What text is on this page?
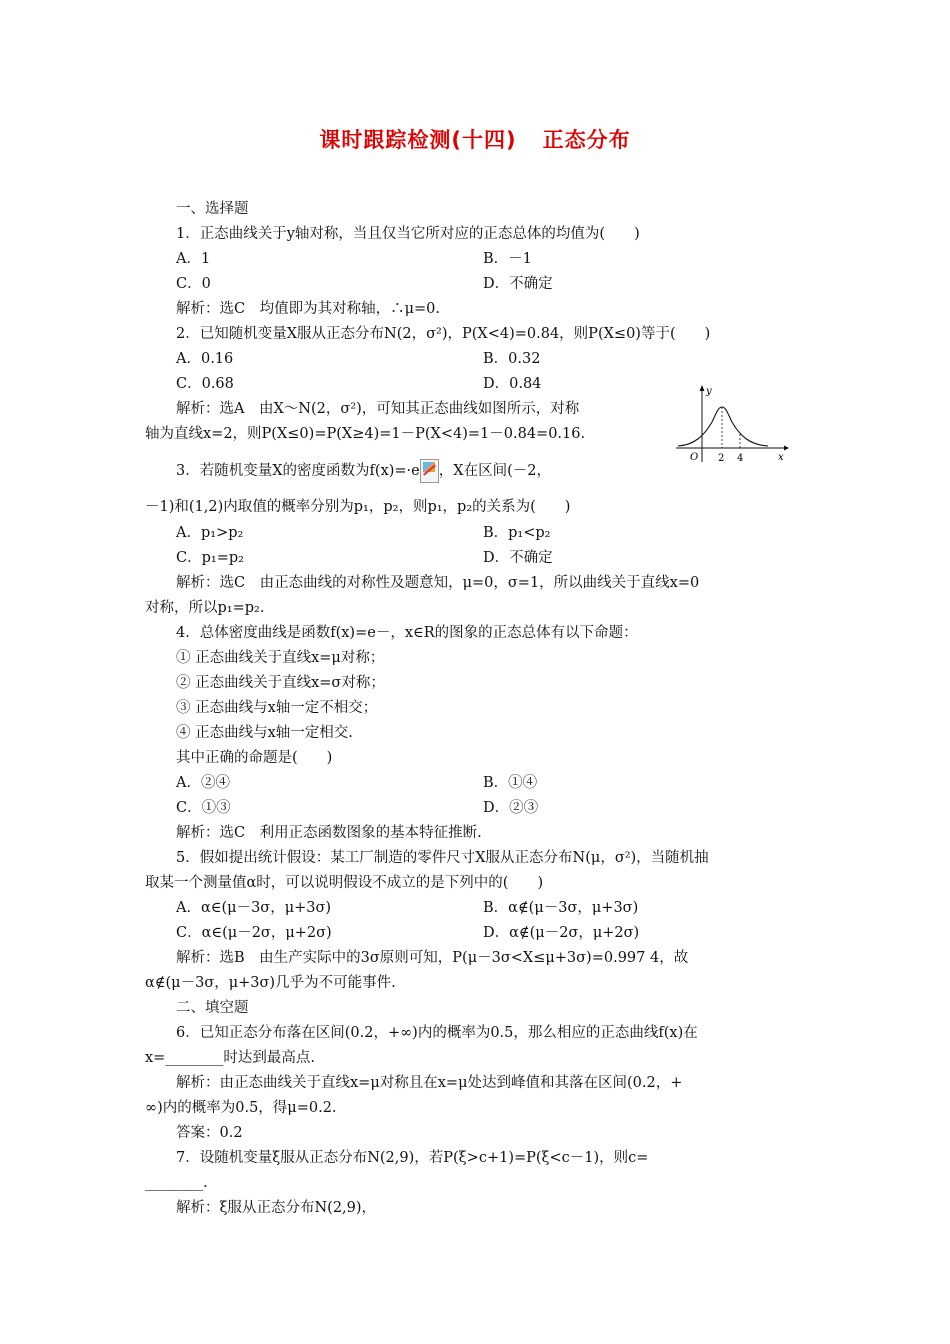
课时跟踪检测(十四) 正态分布
一、选择题
1．正态曲线关于y轴对称，当且仅当它所对应的正态总体的均值为(　　)
A．1	B．－1
C．0	D．不确定
解析：选C　均值即为其对称轴，∴μ=0.
2．已知随机变量X服从正态分布N(2，σ²)，P(X<4)=0.84，则P(X≤0)等于(　　)
A．0.16	B．0.32
C．0.68	D．0.84
解析：选A　由X～N(2，σ²)，可知其正态曲线如图所示，对称
轴为直线x=2，则P(X≤0)=P(X≥4)=1－P(X<4)=1－0.84=0.16.
y
x
O 2 4
3．若随机变量X的密度函数为f(x)=·e ，X在区间(－2，
－1)和(1,2)内取值的概率分别为p₁，p₂，则p₁，p₂的关系为(　　)
A．p₁>p₂	B．p₁<p₂
C．p₁=p₂	D．不确定
解析：选C　由正态曲线的对称性及题意知，μ=0，σ=1，所以曲线关于直线x=0
对称，所以p₁=p₂.
4．总体密度曲线是函数f(x)=e－，x∈R的图象的正态总体有以下命题：
① 正态曲线关于直线x=μ对称；
② 正态曲线关于直线x=σ对称；
③ 正态曲线与x轴一定不相交；
④ 正态曲线与x轴一定相交.
其中正确的命题是(　　)
A．②④	B．①④
C．①③	D．②③
解析：选C　利用正态函数图象的基本特征推断.
5．假如提出统计假设：某工厂制造的零件尺寸X服从正态分布N(μ，σ²)，当随机抽
取某一个测量值α时，可以说明假设不成立的是下列中的(　　)
A．α∈(μ－3σ，μ+3σ)	B．α∉(μ－3σ，μ+3σ)
C．α∈(μ－2σ，μ+2σ)	D．α∉(μ－2σ，μ+2σ)
解析：选B　由生产实际中的3σ原则可知，P(μ－3σ<X≤μ+3σ)=0.997 4，故
α∉(μ－3σ，μ+3σ)几乎为不可能事件.
二、填空题
6．已知正态分布落在区间(0.2，+∞)内的概率为0.5，那么相应的正态曲线f(x)在
x=________时达到最高点.
解析：由正态曲线关于直线x=μ对称且在x=μ处达到峰值和其落在区间(0.2，+
∞)内的概率为0.5，得μ=0.2.
答案：0.2
7．设随机变量ξ服从正态分布N(2,9)，若P(ξ>c+1)=P(ξ<c－1)，则c=
________.
解析：ξ服从正态分布N(2,9)，
